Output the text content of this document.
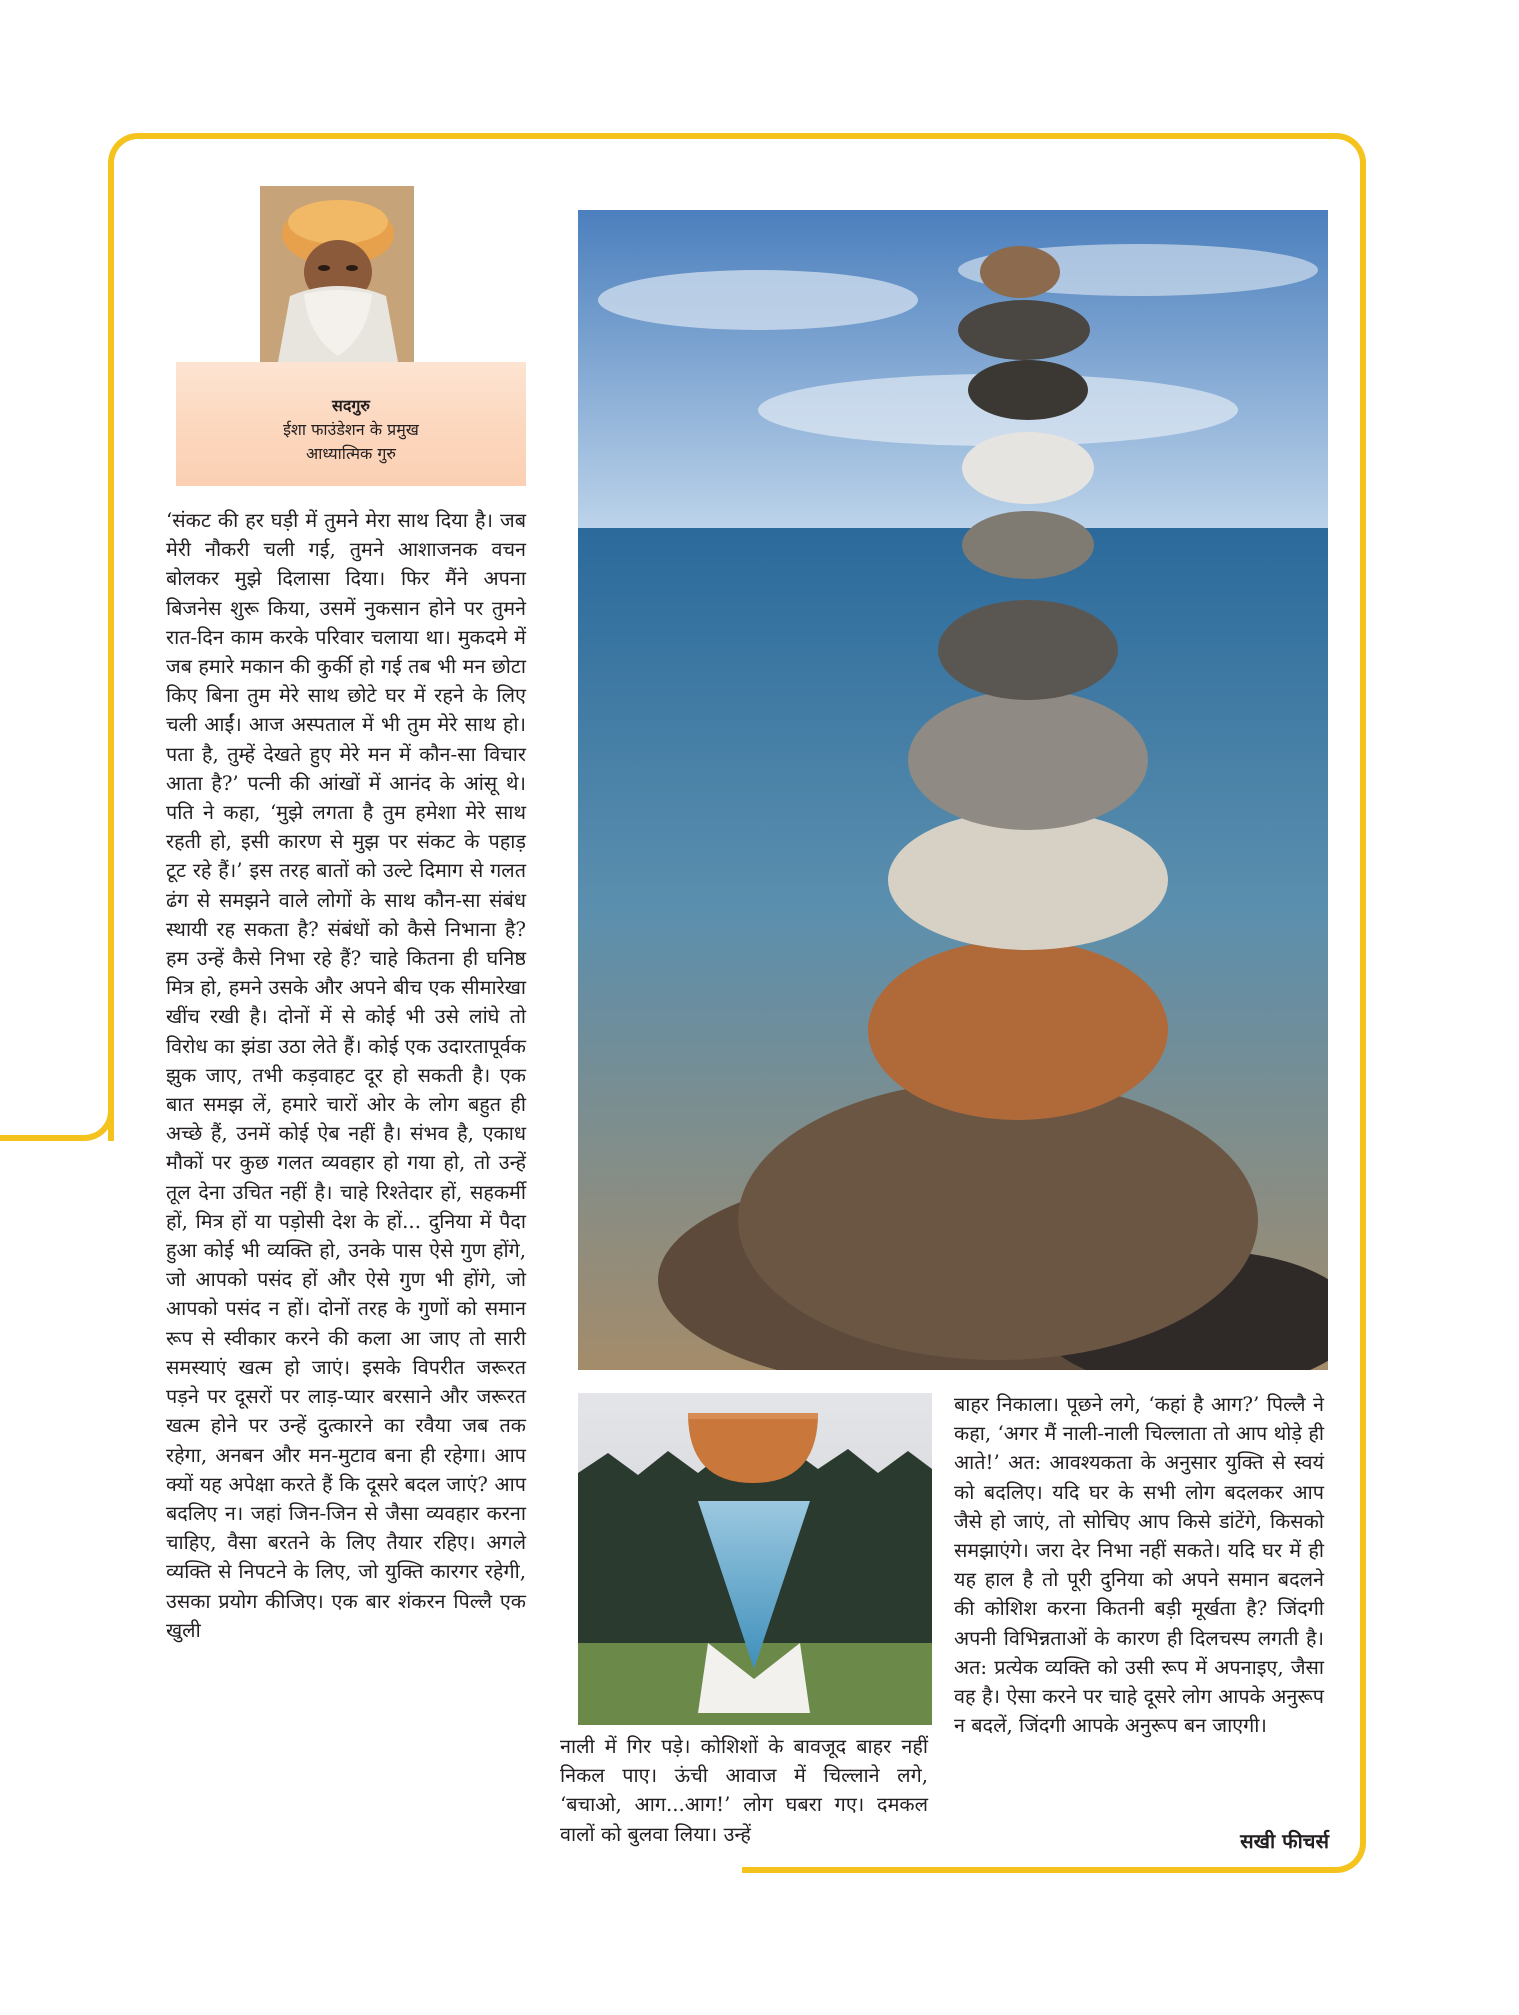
सदगुरु
ईशा फाउंडेशन के प्रमुख
आध्यात्मिक गुरु

‘संकट की हर घड़ी में तुमने मेरा साथ दिया है। जब मेरी नौकरी चली गई, तुमने आशाजनक वचन बोलकर मुझे दिलासा दिया। फिर मैंने अपना बिजनेस शुरू किया, उसमें नुकसान होने पर तुमने रात-दिन काम करके परिवार चलाया था। मुकदमे में जब हमारे मकान की कुर्की हो गई तब भी मन छोटा किए बिना तुम मेरे साथ छोटे घर में रहने के लिए चली आईं। आज अस्पताल में भी तुम मेरे साथ हो। पता है, तुम्हें देखते हुए मेरे मन में कौन-सा विचार आता है?’ पत्नी की आंखों में आनंद के आंसू थे। पति ने कहा, ‘मुझे लगता है तुम हमेशा मेरे साथ रहती हो, इसी कारण से मुझ पर संकट के पहाड़ टूट रहे हैं।’ इस तरह बातों को उल्टे दिमाग से गलत ढंग से समझने वाले लोगों के साथ कौन-सा संबंध स्थायी रह सकता है? संबंधों को कैसे निभाना है? हम उन्हें कैसे निभा रहे हैं? चाहे कितना ही घनिष्ठ मित्र हो, हमने उसके और अपने बीच एक सीमारेखा खींच रखी है। दोनों में से कोई भी उसे लांघे तो विरोध का झंडा उठा लेते हैं। कोई एक उदारतापूर्वक झुक जाए, तभी कड़वाहट दूर हो सकती है। एक बात समझ लें, हमारे चारों ओर के लोग बहुत ही अच्छे हैं, उनमें कोई ऐब नहीं है। संभव है, एकाध मौकों पर कुछ गलत व्यवहार हो गया हो, तो उन्हें तूल देना उचित नहीं है। चाहे रिश्तेदार हों, सहकर्मी हों, मित्र हों या पड़ोसी देश के हों... दुनिया में पैदा हुआ कोई भी व्यक्ति हो, उनके पास ऐसे गुण होंगे, जो आपको पसंद हों और ऐसे गुण भी होंगे, जो आपको पसंद न हों। दोनों तरह के गुणों को समान रूप से स्वीकार करने की कला आ जाए तो सारी समस्याएं खत्म हो जाएं। इसके विपरीत जरूरत पड़ने पर दूसरों पर लाड़-प्यार बरसाने और जरूरत खत्म होने पर उन्हें दुत्कारने का रवैया जब तक रहेगा, अनबन और मन-मुटाव बना ही रहेगा। आप क्यों यह अपेक्षा करते हैं कि दूसरे बदल जाएं? आप बदलिए न। जहां जिन-जिन से जैसा व्यवहार करना चाहिए, वैसा बरतने के लिए तैयार रहिए। अगले व्यक्ति से निपटने के लिए, जो युक्ति कारगर रहेगी, उसका प्रयोग कीजिए। एक बार शंकरन पिल्लै एक खुली

नाली में गिर पड़े। कोशिशों के बावजूद बाहर नहीं निकल पाए। ऊंची आवाज में चिल्लाने लगे, ‘बचाओ, आग...आग!’ लोग घबरा गए। दमकल वालों को बुलवा लिया। उन्हें

बाहर निकाला। पूछने लगे, ‘कहां है आग?’ पिल्लै ने कहा, ‘अगर मैं नाली-नाली चिल्लाता तो आप थोड़े ही आते!’ अत: आवश्यकता के अनुसार युक्ति से स्वयं को बदलिए। यदि घर के सभी लोग बदलकर आप जैसे हो जाएं, तो सोचिए आप किसे डांटेंगे, किसको समझाएंगे। जरा देर निभा नहीं सकते। यदि घर में ही यह हाल है तो पूरी दुनिया को अपने समान बदलने की कोशिश करना कितनी बड़ी मूर्खता है? जिंदगी अपनी विभिन्नताओं के कारण ही दिलचस्प लगती है। अत: प्रत्येक व्यक्ति को उसी रूप में अपनाइए, जैसा वह है। ऐसा करने पर चाहे दूसरे लोग आपके अनुरूप न बदलें, जिंदगी आपके अनुरूप बन जाएगी।

सखी फीचर्स
